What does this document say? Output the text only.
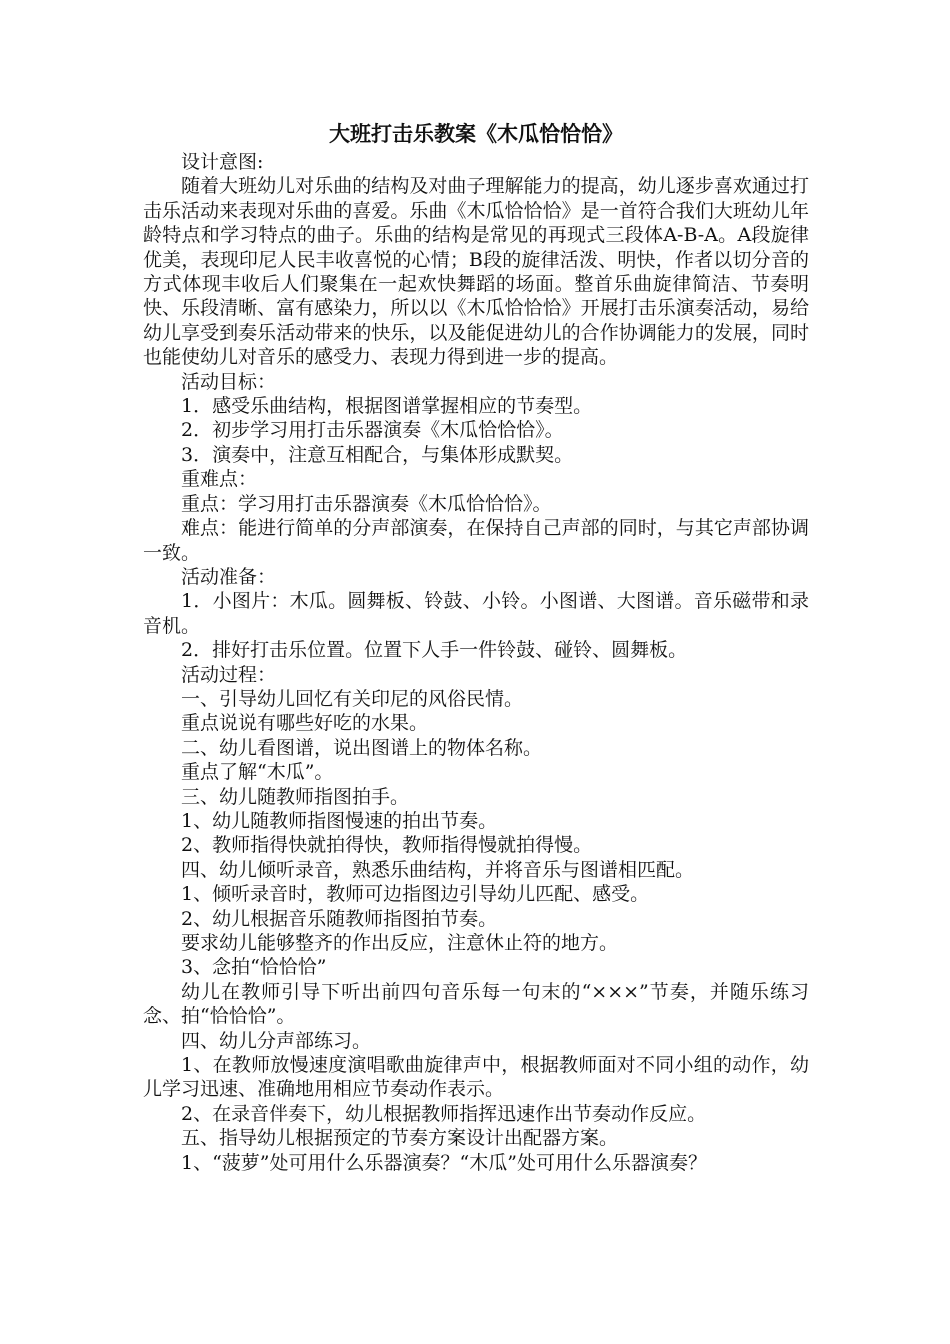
大班打击乐教案《木瓜恰恰恰》

设计意图:

随着大班幼儿对乐曲的结构及对曲子理解能力的提高，幼儿逐步喜欢通过打击乐活动来表现对乐曲的喜爱。乐曲《木瓜恰恰恰》是一首符合我们大班幼儿年龄特点和学习特点的曲子。乐曲的结构是常见的再现式三段体A-B-A。A段旋律优美，表现印尼人民丰收喜悦的心情；B段的旋律活泼、明快，作者以切分音的方式体现丰收后人们聚集在一起欢快舞蹈的场面。整首乐曲旋律简洁、节奏明快、乐段清晰、富有感染力，所以以《木瓜恰恰恰》开展打击乐演奏活动，易给幼儿享受到奏乐活动带来的快乐，以及能促进幼儿的合作协调能力的发展，同时也能使幼儿对音乐的感受力、表现力得到进一步的提高。

活动目标：

1．感受乐曲结构，根据图谱掌握相应的节奏型。

2．初步学习用打击乐器演奏《木瓜恰恰恰》。

3．演奏中，注意互相配合，与集体形成默契。

重难点：

重点：学习用打击乐器演奏《木瓜恰恰恰》。

难点：能进行简单的分声部演奏，在保持自己声部的同时，与其它声部协调一致。

活动准备：

1．小图片：木瓜。圆舞板、铃鼓、小铃。小图谱、大图谱。音乐磁带和录音机。

2．排好打击乐位置。位置下人手一件铃鼓、碰铃、圆舞板。

活动过程：

一、引导幼儿回忆有关印尼的风俗民情。

重点说说有哪些好吃的水果。

二、幼儿看图谱，说出图谱上的物体名称。

重点了解“木瓜”。

三、幼儿随教师指图拍手。

1、幼儿随教师指图慢速的拍出节奏。

2、教师指得快就拍得快，教师指得慢就拍得慢。

四、幼儿倾听录音，熟悉乐曲结构，并将音乐与图谱相匹配。

1、倾听录音时，教师可边指图边引导幼儿匹配、感受。

2、幼儿根据音乐随教师指图拍节奏。

要求幼儿能够整齐的作出反应，注意休止符的地方。

3、念拍“恰恰恰”

幼儿在教师引导下听出前四句音乐每一句末的“×××”节奏，并随乐练习念、拍“恰恰恰”。

四、幼儿分声部练习。

1、在教师放慢速度演唱歌曲旋律声中，根据教师面对不同小组的动作，幼儿学习迅速、准确地用相应节奏动作表示。

2、在录音伴奏下，幼儿根据教师指挥迅速作出节奏动作反应。

五、指导幼儿根据预定的节奏方案设计出配器方案。

1、“菠萝”处可用什么乐器演奏？“木瓜”处可用什么乐器演奏？
